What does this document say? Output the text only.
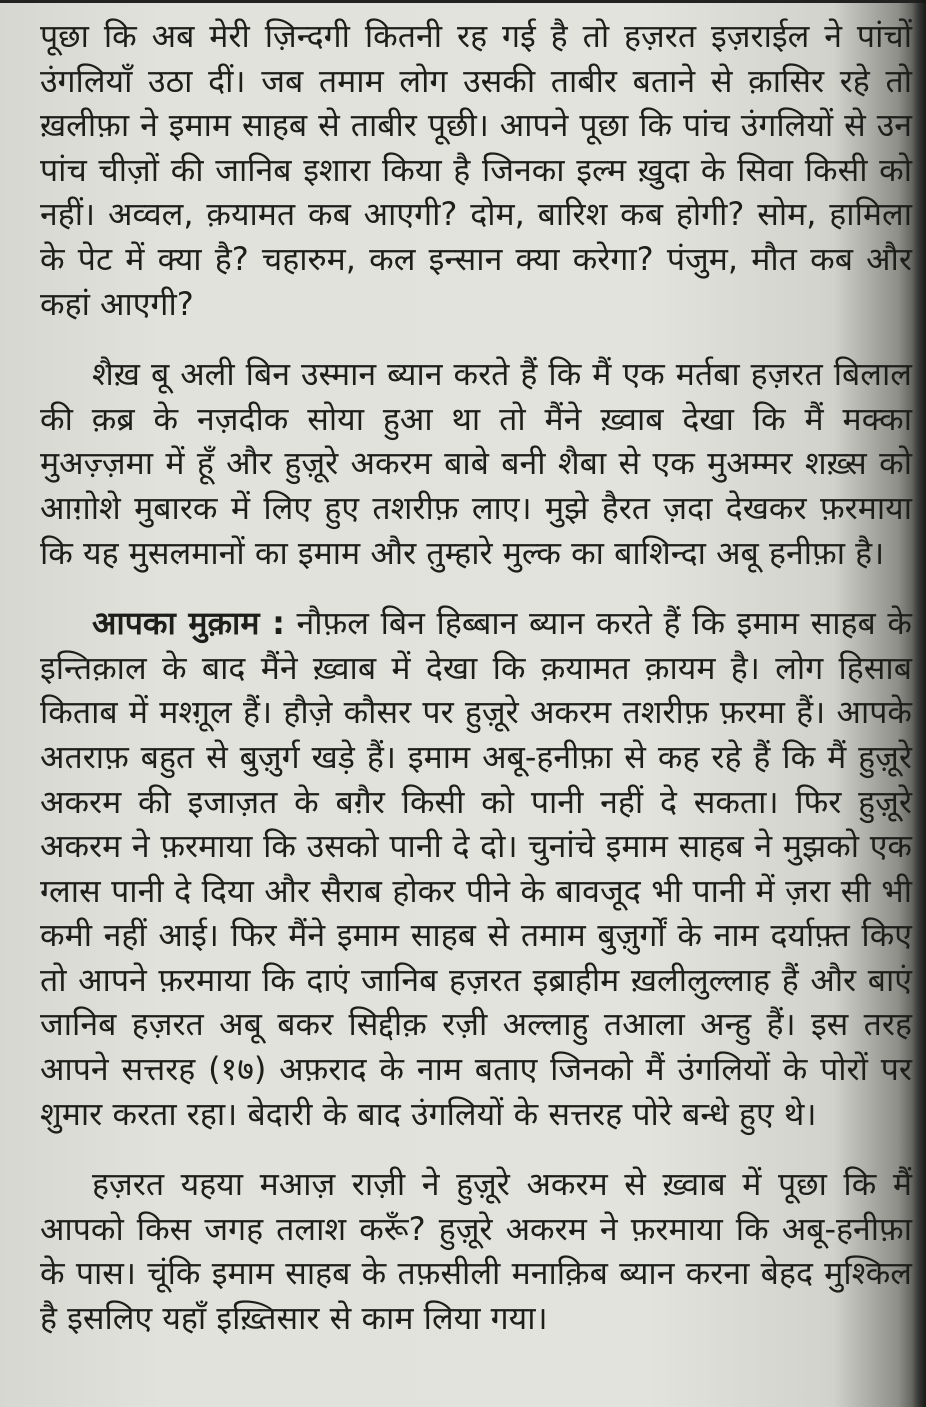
पूछा कि अब मेरी ज़िन्दगी कितनी रह गई है तो हज़रत इज़राईल ने पांचों उंगलियाँ उठा दीं। जब तमाम लोग उसकी ताबीर बताने से क़ासिर रहे तो ख़लीफ़ा ने इमाम साहब से ताबीर पूछी। आपने पूछा कि पांच उंगलियों से उन पांच चीज़ों की जानिब इशारा किया है जिनका इल्म ख़ुदा के सिवा किसी को नहीं। अव्वल, क़यामत कब आएगी? दोम, बारिश कब होगी? सोम, हामिला के पेट में क्या है? चहारुम, कल इन्सान क्या करेगा? पंजुम, मौत कब और कहां आएगी?

शैख़ बू अली बिन उस्मान ब्यान करते हैं कि मैं एक मर्तबा हज़रत बिलाल की क़ब्र के नज़दीक सोया हुआ था तो मैंने ख़्वाब देखा कि मैं मक्का मुअज़्ज़मा में हूँ और हुज़ूरे अकरम बाबे बनी शैबा से एक मुअम्मर शख़्स को आग़ोशे मुबारक में लिए हुए तशरीफ़ लाए। मुझे हैरत ज़दा देखकर फ़रमाया कि यह मुसलमानों का इमाम और तुम्हारे मुल्क का बाशिन्दा अबू हनीफ़ा है।

आपका मुक़ाम : नौफ़ल बिन हिब्बान ब्यान करते हैं कि इमाम साहब के इन्तिक़ाल के बाद मैंने ख़्वाब में देखा कि क़यामत क़ायम है। लोग हिसाब किताब में मश्ग़ूल हैं। हौज़े कौसर पर हुज़ूरे अकरम तशरीफ़ फ़रमा हैं। आपके अतराफ़ बहुत से बुज़ुर्ग खड़े हैं। इमाम अबू-हनीफ़ा से कह रहे हैं कि मैं हुज़ूरे अकरम की इजाज़त के बग़ैर किसी को पानी नहीं दे सकता। फिर हुज़ूरे अकरम ने फ़रमाया कि उसको पानी दे दो। चुनांचे इमाम साहब ने मुझको एक ग्लास पानी दे दिया और सैराब होकर पीने के बावजूद भी पानी में ज़रा सी भी कमी नहीं आई। फिर मैंने इमाम साहब से तमाम बुज़ुर्गों के नाम दर्याफ़्त किए तो आपने फ़रमाया कि दाएं जानिब हज़रत इब्राहीम ख़लीलुल्लाह हैं और बाएं जानिब हज़रत अबू बकर सिद्दीक़ रज़ी अल्लाहु तआला अन्हु हैं। इस तरह आपने सत्तरह (१७) अफ़राद के नाम बताए जिनको मैं उंगलियों के पोरों पर शुमार करता रहा। बेदारी के बाद उंगलियों के सत्तरह पोरे बन्धे हुए थे।

हज़रत यहया मआज़ राज़ी ने हुज़ूरे अकरम से ख़्वाब में पूछा कि मैं आपको किस जगह तलाश करूँ? हुज़ूरे अकरम ने फ़रमाया कि अबू-हनीफ़ा के पास। चूंकि इमाम साहब के तफ़सीली मनाक़िब ब्यान करना बेहद मुश्किल है इसलिए यहाँ इख़्तिसार से काम लिया गया।
